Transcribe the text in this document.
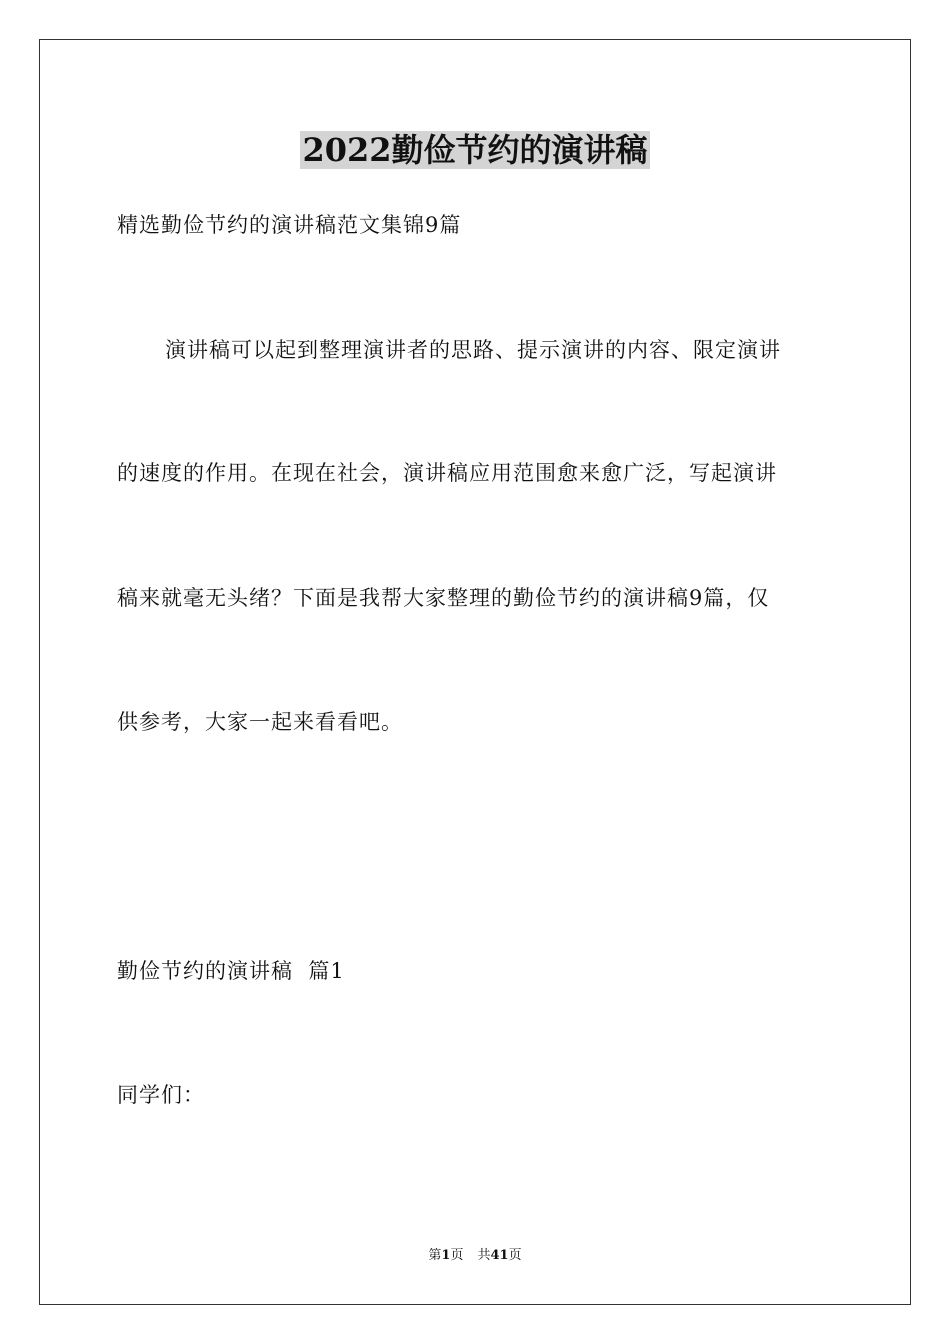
2022勤俭节约的演讲稿
精选勤俭节约的演讲稿范文集锦9篇
演讲稿可以起到整理演讲者的思路、提示演讲的内容、限定演讲
的速度的作用。在现在社会，演讲稿应用范围愈来愈广泛，写起演讲
稿来就毫无头绪？下面是我帮大家整理的勤俭节约的演讲稿9篇，仅
供参考，大家一起来看看吧。
勤俭节约的演讲稿  篇1
同学们：
第1页 共41页
